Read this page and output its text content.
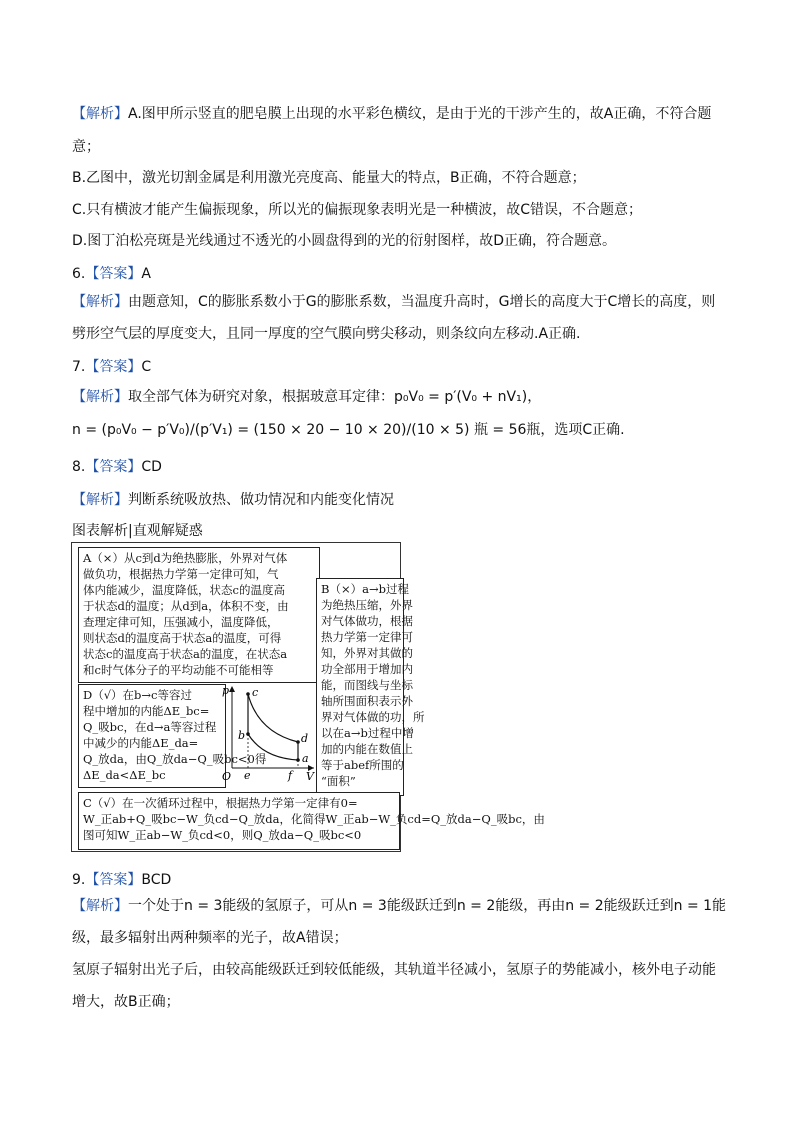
【解析】A.图甲所示竖直的肥皂膜上出现的水平彩色横纹，是由于光的干涉产生的，故A正确，不符合题
意；
B.乙图中，激光切割金属是利用激光亮度高、能量大的特点，B正确，不符合题意；
C.只有横波才能产生偏振现象，所以光的偏振现象表明光是一种横波，故C错误，不合题意；
D.图丁泊松亮斑是光线通过不透光的小圆盘得到的光的衍射图样，故D正确，符合题意。
6.【答案】A
【解析】由题意知，C的膨胀系数小于G的膨胀系数，当温度升高时，G增长的高度大于C增长的高度，则
劈形空气层的厚度变大，且同一厚度的空气膜向劈尖移动，则条纹向左移动.A正确.
7.【答案】C
【解析】取全部气体为研究对象，根据玻意耳定律：p₀V₀ = p′(V₀ + nV₁)，
n = (p₀V₀ − p′V₀)/(p′V₁) = (150 × 20 − 10 × 20)/(10 × 5) 瓶 = 56瓶，选项C正确.
8.【答案】CD
【解析】判断系统吸放热、做功情况和内能变化情况
图表解析|直观解疑惑
9.【答案】BCD
【解析】一个处于n = 3能级的氢原子，可从n = 3能级跃迁到n = 2能级，再由n = 2能级跃迁到n = 1能
级，最多辐射出两种频率的光子，故A错误；
氢原子辐射出光子后，由较高能级跃迁到较低能级，其轨道半径减小，氢原子的势能减小，核外电子动能
增大，故B正确；
A（×）从c到d为绝热膨胀，外界对气体
做负功，根据热力学第一定律可知，气
体内能减少，温度降低，状态c的温度高
于状态d的温度；从d到a，体积不变，由
查理定律可知，压强减小，温度降低，
则状态d的温度高于状态a的温度，可得
状态c的温度高于状态a的温度，在状态a
和c时气体分子的平均动能不可能相等
B（×）a→b过程
为绝热压缩，外界
对气体做功，根据
热力学第一定律可
知，外界对其做的
功全部用于增加内
能，而图线与坐标
轴所围面积表示外
界对气体做的功，所
以在a→b过程中增
加的内能在数值上
等于abef所围的
“面积”
D（√）在b→c等容过
程中增加的内能ΔE_bc=
Q_吸bc，在d→a等容过程
中减少的内能ΔE_da=
Q_放da，由Q_放da−Q_吸bc<0得
ΔE_da<ΔE_bc
C（√）在一次循环过程中，根据热力学第一定律有0=
W_正ab+Q_吸bc−W_负cd−Q_放da，化简得W_正ab−W_负cd=Q_放da−Q_吸bc，由
图可知W_正ab−W_负cd<0，则Q_放da−Q_吸bc<0
p
V
O
c
b	d
a
e	f
